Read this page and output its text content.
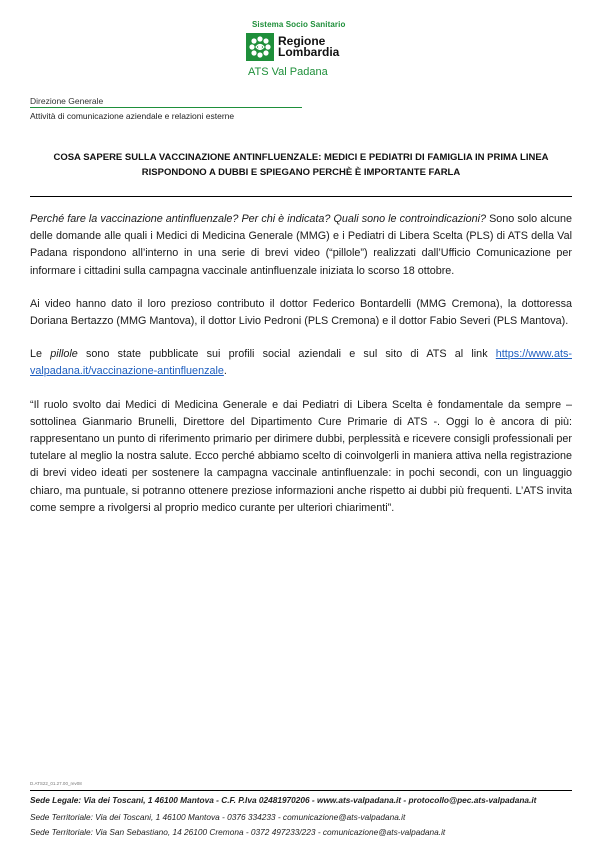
Sistema Socio Sanitario
Regione
Lombardia
ATS Val Padana
Direzione Generale
Attività di comunicazione aziendale e relazioni esterne
COSA SAPERE SULLA VACCINAZIONE ANTINFLUENZALE: MEDICI E PEDIATRI DI FAMIGLIA IN PRIMA LINEA RISPONDONO A DUBBI E SPIEGANO PERCHÈ È IMPORTANTE FARLA

Perché fare la vaccinazione antinfluenzale? Per chi è indicata? Quali sono le controindicazioni? Sono solo alcune delle domande alle quali i Medici di Medicina Generale (MMG) e i Pediatri di Libera Scelta (PLS) di ATS della Val Padana rispondono all’interno in una serie di brevi video (“pillole”) realizzati dall’Ufficio Comunicazione per informare i cittadini sulla campagna vaccinale antinfluenzale iniziata lo scorso 18 ottobre.

Ai video hanno dato il loro prezioso contributo il dottor Federico Bontardelli (MMG Cremona), la dottoressa Doriana Bertazzo (MMG Mantova), il dottor Livio Pedroni (PLS Cremona) e il dottor Fabio Severi (PLS Mantova).

Le pillole sono state pubblicate sui profili social aziendali e sul sito di ATS al link https://www.ats-valpadana.it/vaccinazione-antinfluenzale.

“Il ruolo svolto dai Medici di Medicina Generale e dai Pediatri di Libera Scelta è fondamentale da sempre – sottolinea Gianmario Brunelli, Direttore del Dipartimento Cure Primarie di ATS -. Oggi lo è ancora di più: rappresentano un punto di riferimento primario per dirimere dubbi, perplessità e ricevere consigli professionali per tutelare al meglio la nostra salute. Ecco perché abbiamo scelto di coinvolgerli in maniera attiva nella registrazione di brevi video ideati per sostenere la campagna vaccinale antinfluenzale: in pochi secondi, con un linguaggio chiaro, ma puntuale, si potranno ottenere preziose informazioni anche rispetto ai dubbi più frequenti. L’ATS invita come sempre a rivolgersi al proprio medico curante per ulteriori chiarimenti”.

D.ATS22_01.27.00_rev08
Sede Legale: Via dei Toscani, 1 46100 Mantova - C.F. P.Iva 02481970206 - www.ats-valpadana.it - protocollo@pec.ats-valpadana.it
Sede Territoriale: Via dei Toscani, 1 46100 Mantova - 0376 334233 - comunicazione@ats-valpadana.it
Sede Territoriale: Via San Sebastiano, 14 26100 Cremona - 0372 497233/223 - comunicazione@ats-valpadana.it
